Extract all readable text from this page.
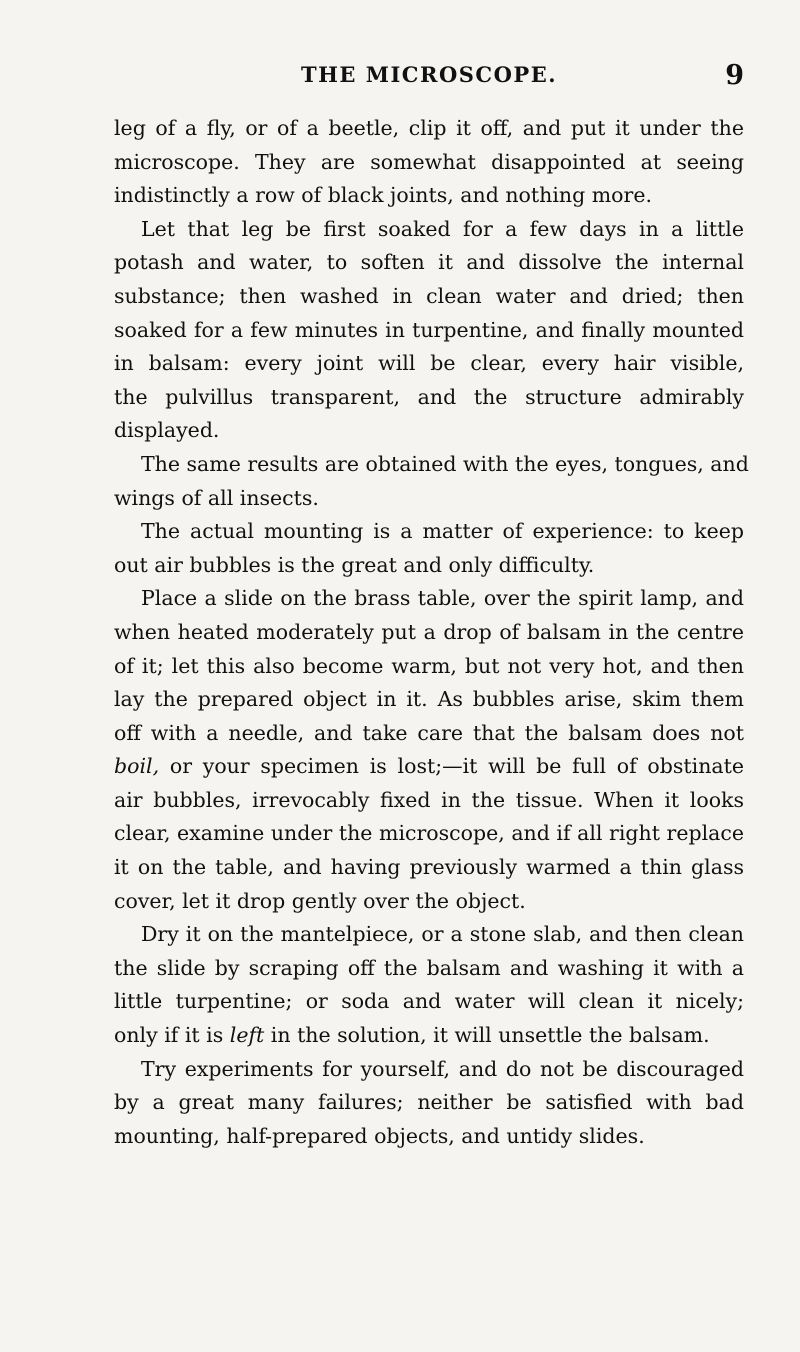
THE MICROSCOPE.	9
leg of a fly, or of a beetle, clip it off, and put it under the
microscope. They are somewhat disappointed at seeing
indistinctly a row of black joints, and nothing more.
Let that leg be first soaked for a few days in a little
potash and water, to soften it and dissolve the internal
substance; then washed in clean water and dried; then
soaked for a few minutes in turpentine, and finally mounted
in balsam: every joint will be clear, every hair visible,
the pulvillus transparent, and the structure admirably
displayed.
The same results are obtained with the eyes, tongues, and
wings of all insects.
The actual mounting is a matter of experience: to keep
out air bubbles is the great and only difficulty.
Place a slide on the brass table, over the spirit lamp, and
when heated moderately put a drop of balsam in the centre
of it; let this also become warm, but not very hot, and then
lay the prepared object in it. As bubbles arise, skim them
off with a needle, and take care that the balsam does not
boil, or your specimen is lost;—it will be full of obstinate
air bubbles, irrevocably fixed in the tissue. When it looks
clear, examine under the microscope, and if all right replace
it on the table, and having previously warmed a thin glass
cover, let it drop gently over the object.
Dry it on the mantelpiece, or a stone slab, and then clean
the slide by scraping off the balsam and washing it with a
little turpentine; or soda and water will clean it nicely;
only if it is left in the solution, it will unsettle the balsam.
Try experiments for yourself, and do not be discouraged
by a great many failures; neither be satisfied with bad
mounting, half-prepared objects, and untidy slides.
